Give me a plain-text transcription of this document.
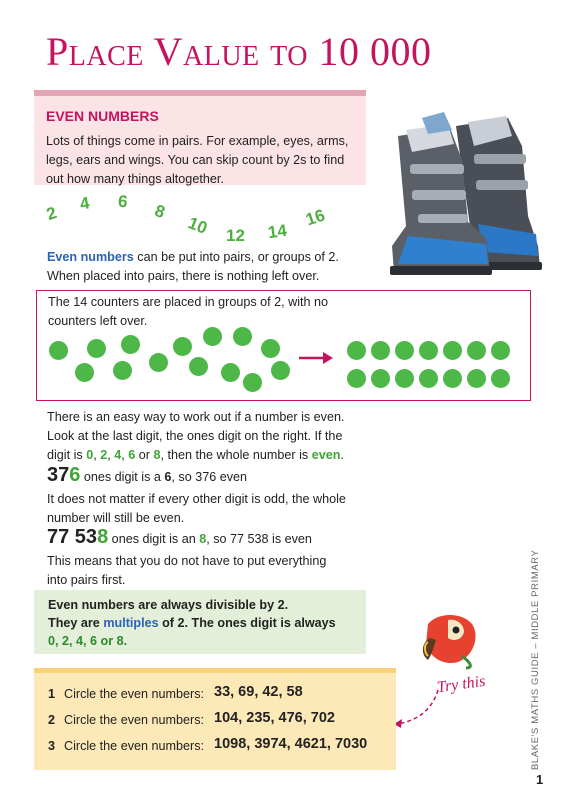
Place Value to 10 000
EVEN NUMBERS
Lots of things come in pairs. For example, eyes, arms, legs, ears and wings. You can skip count by 2s to find out how many things altogether.
2 4 6 8
10 12 14
16
Even numbers can be put into pairs, or groups of 2. When placed into pairs, there is nothing left over.
The 14 counters are placed in groups of 2, with no counters left over.
There is an easy way to work out if a number is even. Look at the last digit, the ones digit on the right. If the digit is 0, 2, 4, 6 or 8, then the whole number is even.
376 ones digit is a 6, so 376 even
It does not matter if every other digit is odd, the whole number will still be even.
77 538 ones digit is an 8, so 77 538 is even
This means that you do not have to put everything into pairs first.
Even numbers are always divisible by 2.
They are multiples of 2. The ones digit is always
0, 2, 4, 6 or 8.
Try this
1 Circle the even numbers: 33, 69, 42, 58
2 Circle the even numbers: 104, 235, 476, 702
3 Circle the even numbers: 1098, 3974, 4621, 7030	BLAKE'S MATHS GUIDE – MIDDLE PRIMARY
1
